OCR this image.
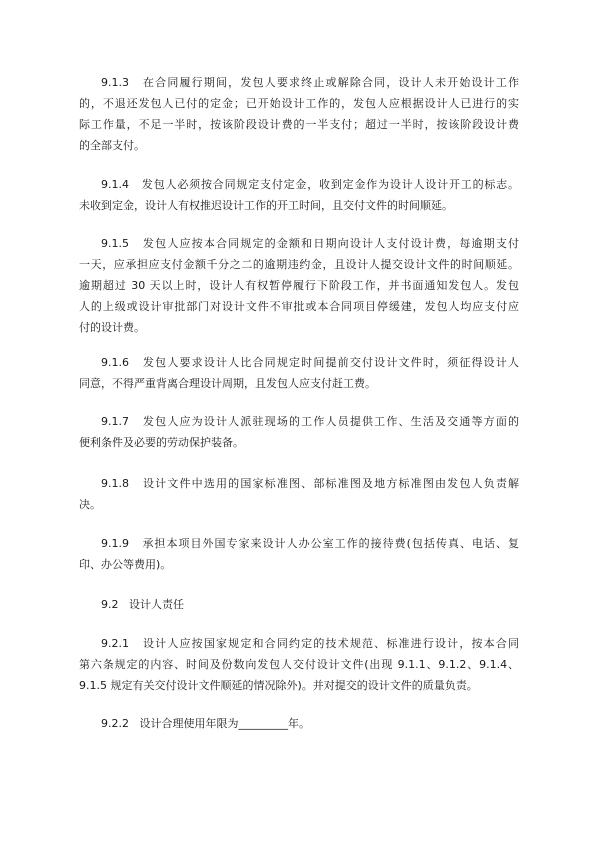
9.1.3 在合同履行期间，发包人要求终止或解除合同，设计人未开始设计工作
的，不退还发包人已付的定金；已开始设计工作的，发包人应根据设计人已进行的实
际工作量，不足一半时，按该阶段设计费的一半支付；超过一半时，按该阶段设计费
的全部支付。
9.1.4 发包人必须按合同规定支付定金，收到定金作为设计人设计开工的标志。
未收到定金，设计人有权推迟设计工作的开工时间，且交付文件的时间顺延。
9.1.5 发包人应按本合同规定的金额和日期向设计人支付设计费，每逾期支付
一天，应承担应支付金额千分之二的逾期违约金，且设计人提交设计文件的时间顺延。
逾期超过 30 天以上时，设计人有权暂停履行下阶段工作，并书面通知发包人。发包
人的上级或设计审批部门对设计文件不审批或本合同项目停缓建，发包人均应支付应
付的设计费。
9.1.6 发包人要求设计人比合同规定时间提前交付设计文件时，须征得设计人
同意，不得严重背离合理设计周期，且发包人应支付赶工费。
9.1.7 发包人应为设计人派驻现场的工作人员提供工作、生活及交通等方面的
便利条件及必要的劳动保护装备。
9.1.8 设计文件中选用的国家标准图、部标准图及地方标准图由发包人负责解
决。
9.1.9 承担本项目外国专家来设计人办公室工作的接待费(包括传真、电话、复
印、办公等费用)。
9.2 设计人责任
9.2.1 设计人应按国家规定和合同约定的技术规范、标准进行设计，按本合同
第六条规定的内容、时间及份数向发包人交付设计文件(出现 9.1.1、9.1.2、9.1.4、
9.1.5 规定有关交付设计文件顺延的情况除外)。并对提交的设计文件的质量负责。
9.2.2 设计合理使用年限为_________年。
